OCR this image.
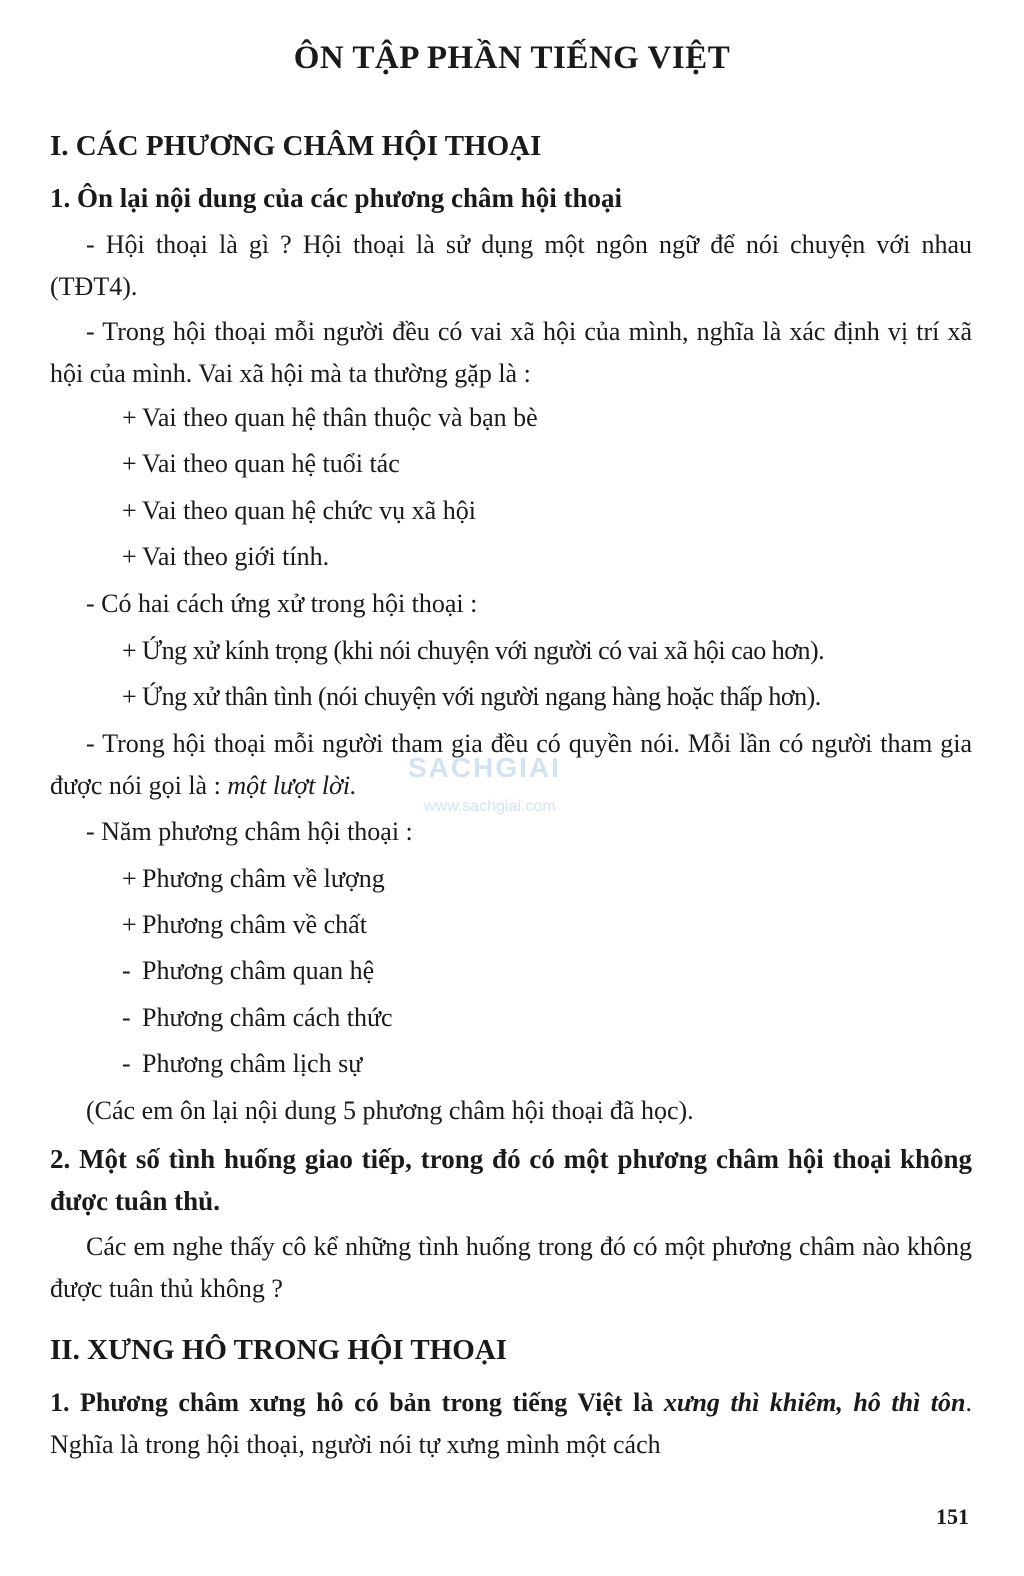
ÔN TẬP PHẦN TIẾNG VIỆT
I. CÁC PHƯƠNG CHÂM HỘI THOẠI
1. Ôn lại nội dung của các phương châm hội thoại
- Hội thoại là gì ? Hội thoại là sử dụng một ngôn ngữ để nói chuyện với nhau (TĐT4).
- Trong hội thoại mỗi người đều có vai xã hội của mình, nghĩa là xác định vị trí xã hội của mình. Vai xã hội mà ta thường gặp là :
+ Vai theo quan hệ thân thuộc và bạn bè
+ Vai theo quan hệ tuổi tác
+ Vai theo quan hệ chức vụ xã hội
+ Vai theo giới tính.
- Có hai cách ứng xử trong hội thoại :
+ Ứng xử kính trọng (khi nói chuyện với người có vai xã hội cao hơn).
+ Ứng xử thân tình (nói chuyện với người ngang hàng hoặc thấp hơn).
- Trong hội thoại mỗi người tham gia đều có quyền nói. Mỗi lần có người tham gia được nói gọi là : một lượt lời.
- Năm phương châm hội thoại :
+ Phương châm về lượng
+ Phương châm về chất
- Phương châm quan hệ
- Phương châm cách thức
- Phương châm lịch sự
(Các em ôn lại nội dung 5 phương châm hội thoại đã học).
2. Một số tình huống giao tiếp, trong đó có một phương châm hội thoại không được tuân thủ.
Các em nghe thấy cô kể những tình huống trong đó có một phương châm nào không được tuân thủ không ?
II. XƯNG HÔ TRONG HỘI THOẠI
1. Phương châm xưng hô có bản trong tiếng Việt là xưng thì khiêm, hô thì tôn. Nghĩa là trong hội thoại, người nói tự xưng mình một cách
151
SACHGIAI
www.sachgiai.com
